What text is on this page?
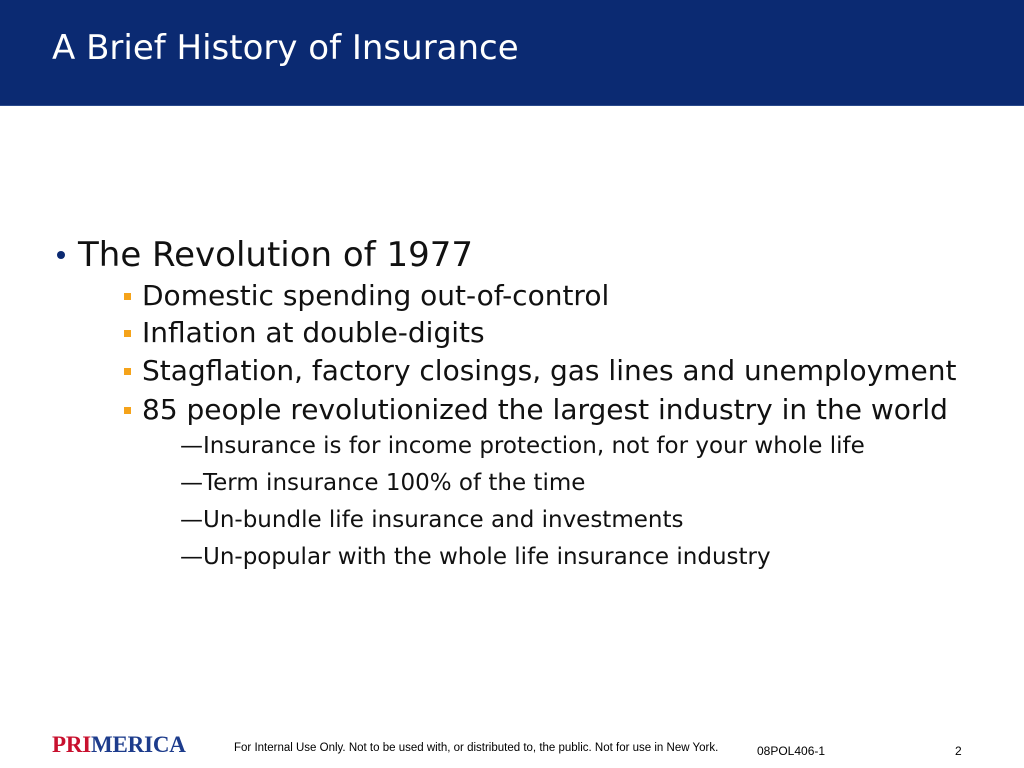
A Brief History of Insurance
The Revolution of 1977
Domestic spending out-of-control
Inflation at double-digits
Stagflation, factory closings, gas lines and unemployment
85 people revolutionized the largest industry in the world
—Insurance is for income protection, not for your whole life
—Term insurance 100% of the time
—Un-bundle life insurance and investments
—Un-popular with the whole life insurance industry
PRIMERICA	For Internal Use Only. Not to be used with, or distributed to, the public. Not for use in New York.	08POL406-1	2
